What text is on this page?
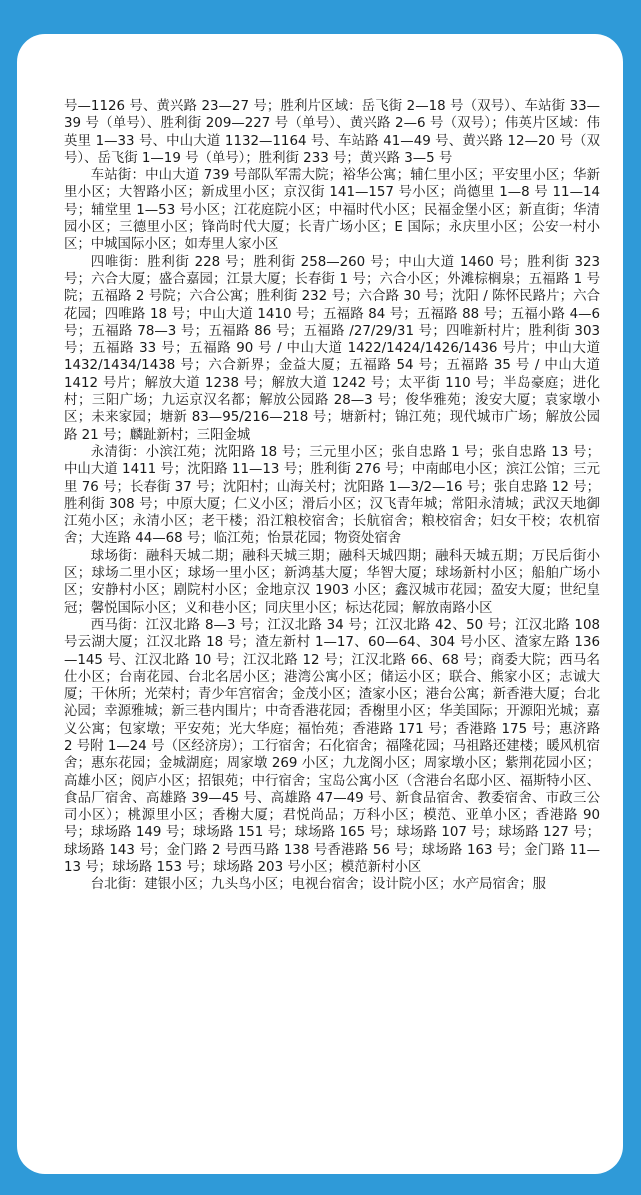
号—1126 号、黄兴路 23—27 号；胜利片区域：岳飞街 2—18 号（双号）、车站街 33—39 号（单号）、胜利街 209—227 号（单号）、黄兴路 2—6 号（双号）；伟英片区域：伟英里 1—33 号、中山大道 1132—1164 号、车站路 41—49 号、黄兴路 12—20 号（双号）、岳飞街 1—19 号（单号）；胜利街 233 号；黄兴路 3—5 号

车站街：中山大道 739 号部队军需大院；裕华公寓；辅仁里小区；平安里小区；华新里小区；大智路小区；新成里小区；京汉街 141—157 号小区；尚德里 1—8 号 11—14 号；辅堂里 1—53 号小区；江花庭院小区；中福时代小区；民福金堡小区；新直街；华清园小区；三德里小区；锋尚时代大厦；长青广场小区；E 国际；永庆里小区；公安一村小区；中城国际小区；如寿里人家小区

四唯街：胜利街 228 号；胜利街 258—260 号；中山大道 1460 号；胜利街 323 号；六合大厦；盛合嘉园；江景大厦；长春街 1 号；六合小区；外滩棕榈泉；五福路 1 号院；五福路 2 号院；六合公寓；胜利街 232 号；六合路 30 号；沈阳 / 陈怀民路片；六合花园；四唯路 18 号；中山大道 1410 号；五福路 84 号；五福路 88 号；五福小路 4—6 号；五福路 78—3 号；五福路 86 号；五福路 /27/29/31 号；四唯新村片；胜利街 303 号；五福路 33 号；五福路 90 号 / 中山大道 1422/1424/1426/1436 号片；中山大道 1432/1434/1438 号；六合新界；金益大厦；五福路 54 号；五福路 35 号 / 中山大道 1412 号片；解放大道 1238 号；解放大道 1242 号；太平街 110 号；半岛豪庭；进化村；三阳广场；九运京汉名都；解放公园路 28—3 号；俊华雅苑；浚安大厦；袁家墩小区；未来家园；塘新 83—95/216—218 号；塘新村；锦江苑；现代城市广场；解放公园路 21 号；麟趾新村；三阳金城

永清街：小滨江苑；沈阳路 18 号；三元里小区；张自忠路 1 号；张自忠路 13 号；中山大道 1411 号；沈阳路 11—13 号；胜利街 276 号；中南邮电小区；滨江公馆；三元里 76 号；长春街 37 号；沈阳村；山海关村；沈阳路 1—3/2—16 号；张自忠路 12 号；胜利街 308 号；中原大厦；仁义小区；滑后小区；汉飞青年城；常阳永清城；武汉天地御江苑小区；永清小区；老干楼；沿江粮校宿舍；长航宿舍；粮校宿舍；妇女干校；农机宿舍；大连路 44—68 号；临江苑；怡景花园；物资处宿舍

球场街：融科天城二期；融科天城三期；融科天城四期；融科天城五期；万民后街小区；球场二里小区；球场一里小区；新鸿基大厦；华智大厦；球场新村小区；船舶广场小区；安静村小区；剧院村小区；金地京汉 1903 小区；鑫汉城市花园；盈安大厦；世纪皇冠；馨悦国际小区；义和巷小区；同庆里小区；标达花园；解放南路小区

西马街：江汉北路 8—3 号；江汉北路 34 号；江汉北路 42、50 号；江汉北路 108 号云湖大厦；江汉北路 18 号；渣左新村 1—17、60—64、304 号小区、渣家左路 136—145 号、江汉北路 10 号；江汉北路 12 号；江汉北路 66、68 号；商委大院；西马名仕小区；台南花园、台北名居小区；港湾公寓小区；储运小区；联合、熊家小区；志诚大厦；干休所；光荣村；青少年宫宿舍；金茂小区；渣家小区；港台公寓；新香港大厦；台北沁园；幸源雅城；新三巷内围片；中奇香港花园；香榭里小区；华美国际；开源阳光城；嘉义公寓；包家墩；平安苑；光大华庭；福怡苑；香港路 171 号；香港路 175 号；惠济路 2 号附 1—24 号（区经济房）；工行宿舍；石化宿舍；福隆花园；马祖路还建楼；暖风机宿舍；惠东花园；金城湖庭；周家墩 269 小区；九龙阁小区；周家墩小区；紫荆花园小区；高雄小区；阅庐小区；招银苑；中行宿舍；宝岛公寓小区（含港台名邸小区、福斯特小区、食品厂宿舍、高雄路 39—45 号、高雄路 47—49 号、新食品宿舍、教委宿舍、市政三公司小区）；桃源里小区；香榭大厦；君悦尚品；万科小区；模范、亚单小区；香港路 90 号；球场路 149 号；球场路 151 号；球场路 165 号；球场路 107 号；球场路 127 号；球场路 143 号；金门路 2 号西马路 138 号香港路 56 号；球场路 163 号；金门路 11—13 号；球场路 153 号；球场路 203 号小区；模范新村小区

台北街：建银小区；九头鸟小区；电视台宿舍；设计院小区；水产局宿舍；服
